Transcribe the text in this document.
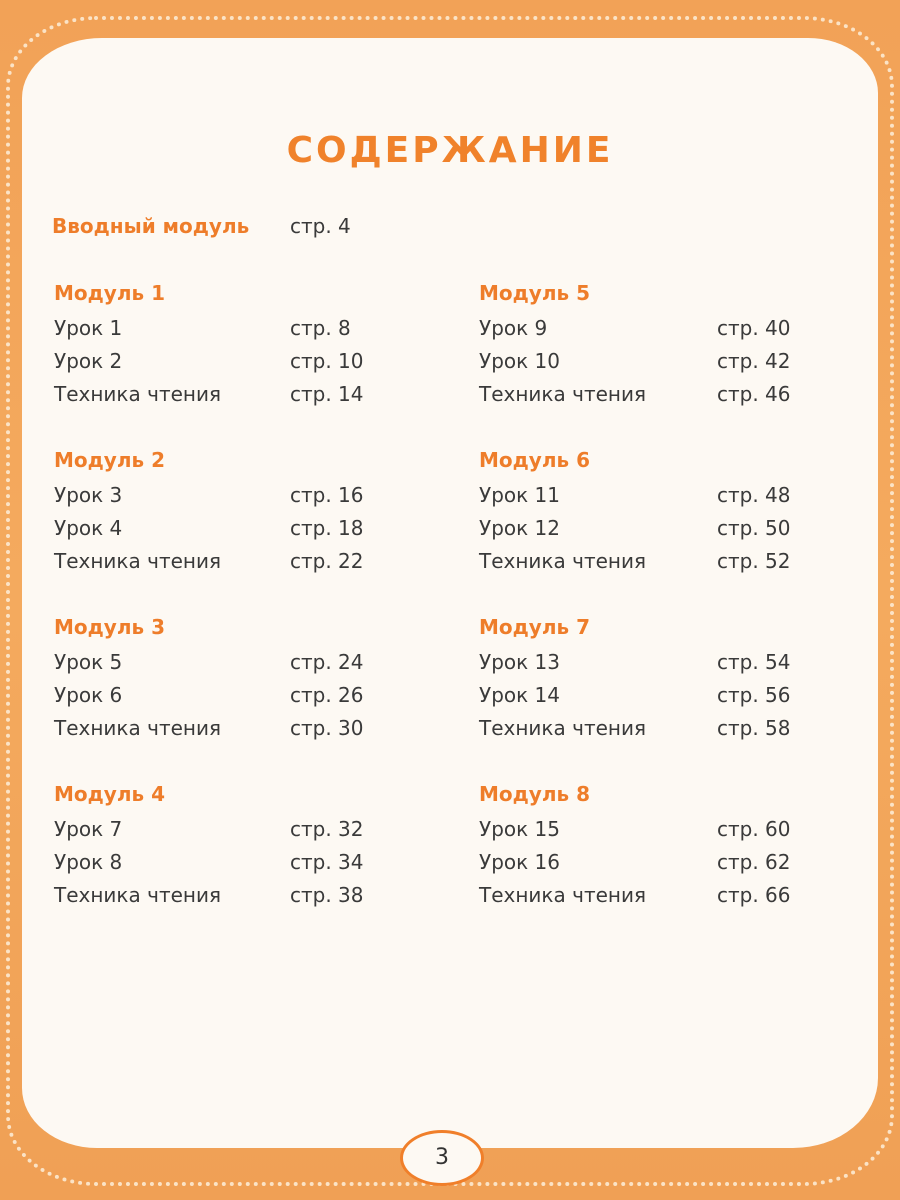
СОДЕРЖАНИЕ
Вводный модуль стр. 4
Модуль 1
Урок 1	стр. 8
Урок 2	стр. 10
Техника чтения	стр. 14
Модуль 2
Урок 3	стр. 16
Урок 4	стр. 18
Техника чтения	стр. 22
Модуль 3
Урок 5	стр. 24
Урок 6	стр. 26
Техника чтения	стр. 30
Модуль 4
Урок 7	стр. 32
Урок 8	стр. 34
Техника чтения	стр. 38
Модуль 5
Урок 9	стр. 40
Урок 10	стр. 42
Техника чтения	стр. 46
Модуль 6
Урок 11	стр. 48
Урок 12	стр. 50
Техника чтения	стр. 52
Модуль 7
Урок 13	стр. 54
Урок 14	стр. 56
Техника чтения	стр. 58
Модуль 8
Урок 15	стр. 60
Урок 16	стр. 62
Техника чтения	стр. 66
3
